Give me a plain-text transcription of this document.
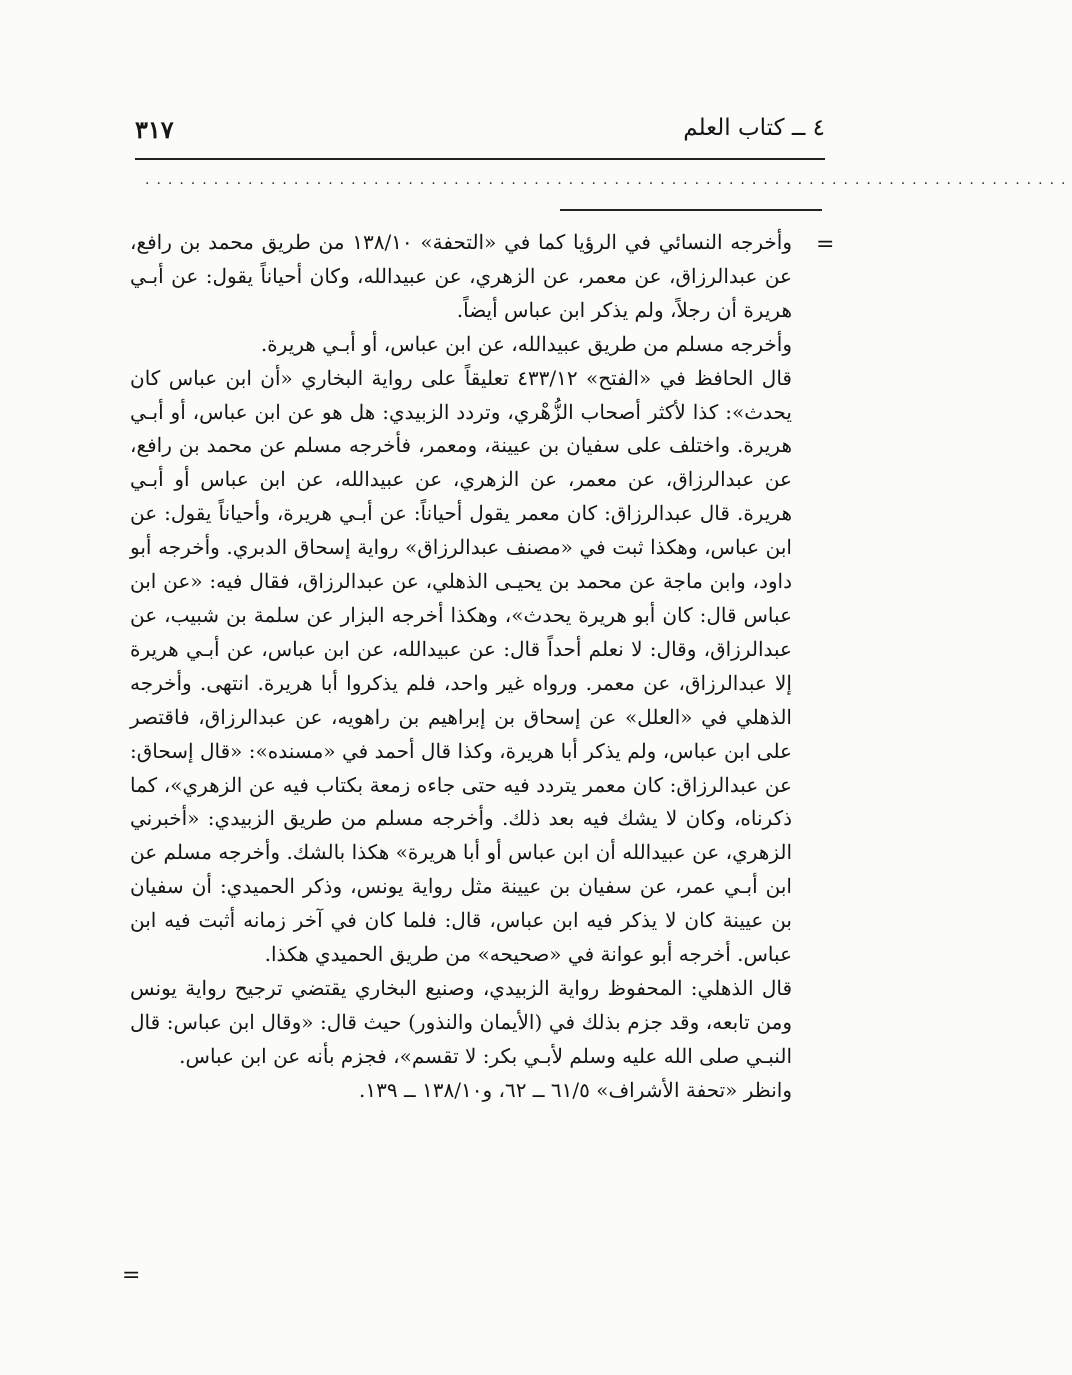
٤ ــ كتاب العلم
٣١٧
.................................................................................
=

وأخرجه النسائي في الرؤيا كما في «التحفة» ١٣٨/١٠ من طريق محمد بن رافع، عن عبدالرزاق، عن معمر، عن الزهري، عن عبيدالله، وكان أحياناً يقول: عن أبـي هريرة أن رجلاً، ولم يذكر ابن عباس أيضاً.

وأخرجه مسلم من طريق عبيدالله، عن ابن عباس، أو أبـي هريرة.

قال الحافظ في «الفتح» ٤٣٣/١٢ تعليقاً على رواية البخاري «أن ابن عباس كان يحدث»: كذا لأكثر أصحاب الزُّهْري، وتردد الزبيدي: هل هو عن ابن عباس، أو أبـي هريرة. واختلف على سفيان بن عيينة، ومعمر، فأخرجه مسلم عن محمد بن رافع، عن عبدالرزاق، عن معمر، عن الزهري، عن عبيدالله، عن ابن عباس أو أبـي هريرة. قال عبدالرزاق: كان معمر يقول أحياناً: عن أبـي هريرة، وأحياناً يقول: عن ابن عباس، وهكذا ثبت في «مصنف عبدالرزاق» رواية إسحاق الدبري. وأخرجه أبو داود، وابن ماجة عن محمد بن يحيـى الذهلي، عن عبدالرزاق، فقال فيه: «عن ابن عباس قال: كان أبو هريرة يحدث»، وهكذا أخرجه البزار عن سلمة بن شبيب، عن عبدالرزاق، وقال: لا نعلم أحداً قال: عن عبيدالله، عن ابن عباس، عن أبـي هريرة إلا عبدالرزاق، عن معمر. ورواه غير واحد، فلم يذكروا أبا هريرة. انتهى. وأخرجه الذهلي في «العلل» عن إسحاق بن إبراهيم بن راهويه، عن عبدالرزاق، فاقتصر على ابن عباس، ولم يذكر أبا هريرة، وكذا قال أحمد في «مسنده»: «قال إسحاق: عن عبدالرزاق: كان معمر يتردد فيه حتى جاءه زمعة بكتاب فيه عن الزهري»، كما ذكرناه، وكان لا يشك فيه بعد ذلك. وأخرجه مسلم من طريق الزبيدي: «أخبرني الزهري، عن عبيدالله أن ابن عباس أو أبا هريرة» هكذا بالشك. وأخرجه مسلم عن ابن أبـي عمر، عن سفيان بن عيينة مثل رواية يونس، وذكر الحميدي: أن سفيان بن عيينة كان لا يذكر فيه ابن عباس، قال: فلما كان في آخر زمانه أثبت فيه ابن عباس. أخرجه أبو عوانة في «صحيحه» من طريق الحميدي هكذا.

قال الذهلي: المحفوظ رواية الزبيدي، وصنيع البخاري يقتضي ترجيح رواية يونس ومن تابعه، وقد جزم بذلك في (الأيمان والنذور) حيث قال: «وقال ابن عباس: قال النبـي صلى الله عليه وسلم لأبـي بكر: لا تقسم»، فجزم بأنه عن ابن عباس.

وانظر «تحفة الأشراف» ٦١/٥ ــ ٦٢، و١٣٨/١٠ ــ ١٣٩.

=
